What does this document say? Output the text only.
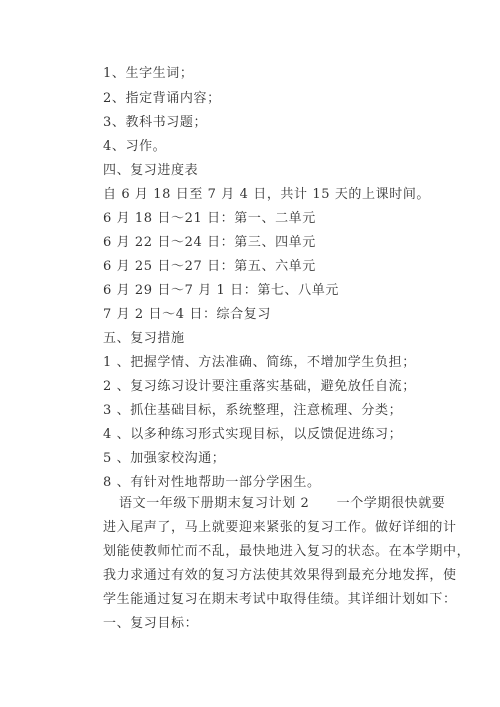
1、生字生词；
2、指定背诵内容；
3、教科书习题；
4、习作。
四、复习进度表
自 6 月 18 日至 7 月 4 日，共计 15 天的上课时间。
6 月 18 日～21 日：第一、二单元
6 月 22 日～24 日：第三、四单元
6 月 25 日～27 日：第五、六单元
6 月 29 日～7 月 1 日：第七、八单元
7 月 2 日～4 日：综合复习
五、复习措施
1 、把握学情、方法准确、简练，不增加学生负担；
2 、复习练习设计要注重落实基础，避免放任自流；
3 、抓住基础目标，系统整理，注意梳理、分类；
4 、以多种练习形式实现目标，以反馈促进练习；
5 、加强家校沟通；
8 、有针对性地帮助一部分学困生。
语文一年级下册期末复习计划 2　　一个学期很快就要
进入尾声了，马上就要迎来紧张的复习工作。做好详细的计
划能使教师忙而不乱，最快地进入复习的状态。在本学期中，
我力求通过有效的复习方法使其效果得到最充分地发挥，使
学生能通过复习在期末考试中取得佳绩。其详细计划如下：
一、复习目标：
